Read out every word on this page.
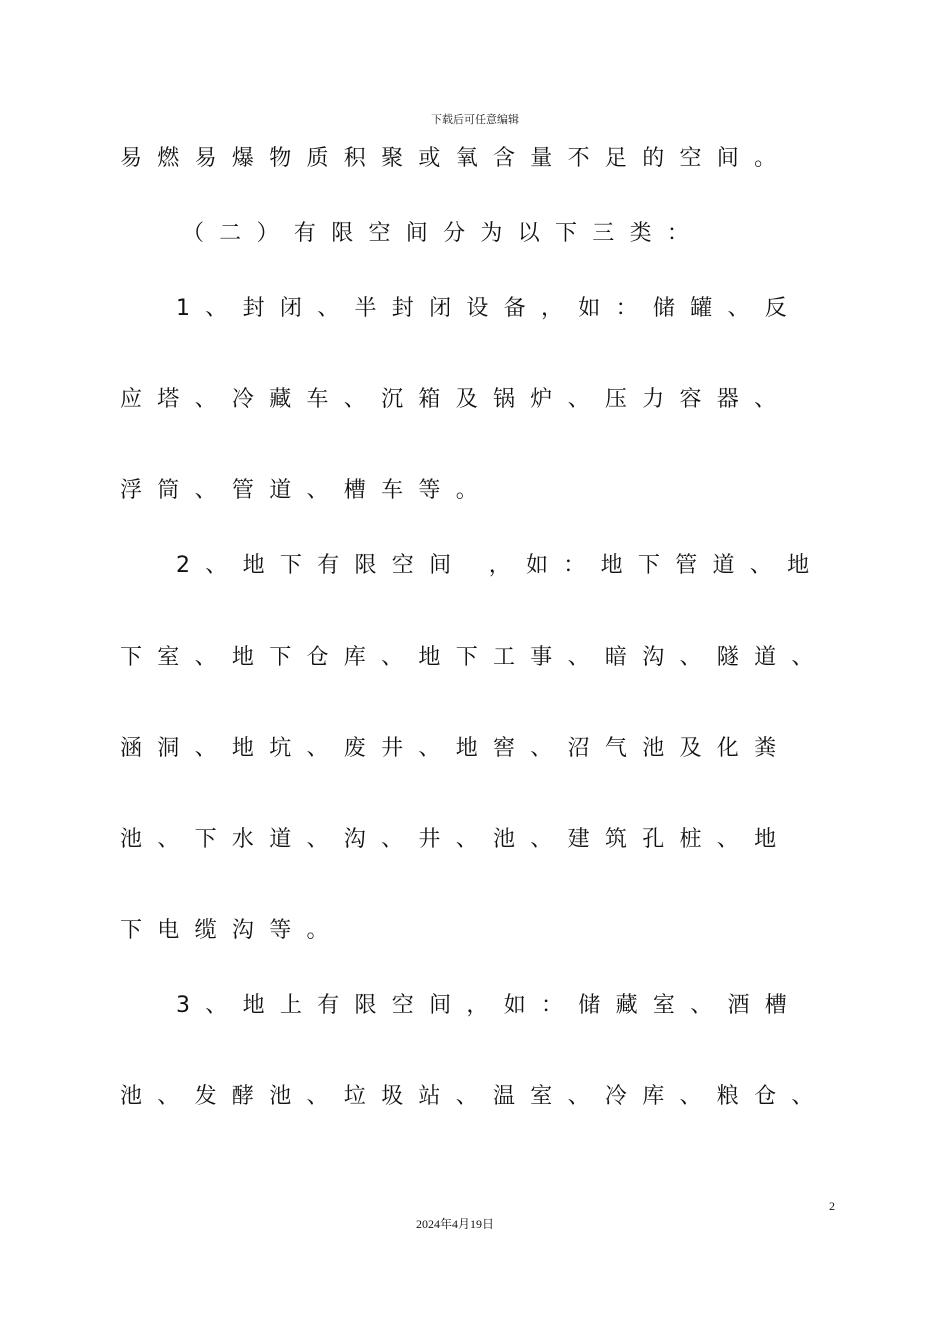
下载后可任意编辑
易燃易爆物质积聚或氧含量不足的空间。
（二）有限空间分为以下三类：
1、封闭、半封闭设备，如：储罐、反
应塔、冷藏车、沉箱及锅炉、压力容器、
浮筒、管道、槽车等。
2、地下有限空间 ，如：地下管道、地
下室、地下仓库、地下工事、暗沟、隧道、
涵洞、地坑、废井、地窖、沼气池及化粪
池、下水道、沟、井、池、建筑孔桩、地
下电缆沟等。
3、地上有限空间，如：储藏室、酒槽
池、发酵池、垃圾站、温室、冷库、粮仓、
2
2024年4月19日
